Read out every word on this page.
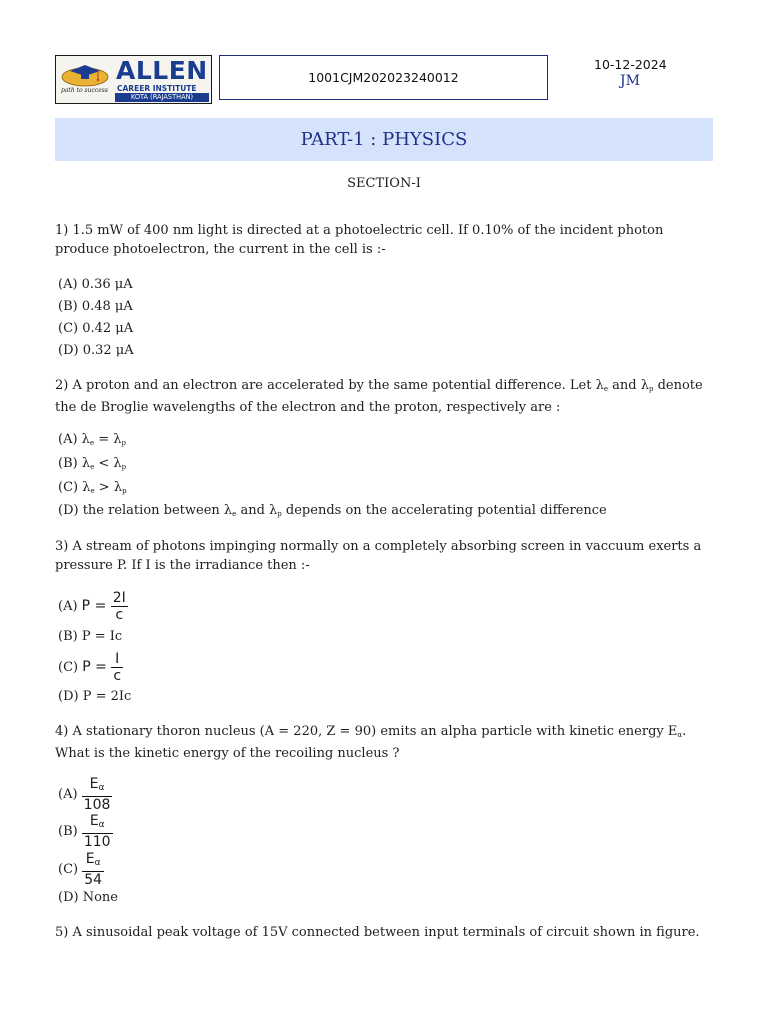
path to success
ALLEN
CAREER INSTITUTE
KOTA (RAJASTHAN)
1001CJM202023240012
10-12-2024
JM
PART-1 : PHYSICS
SECTION-I
1) 1.5 mW of 400 nm light is directed at a photoelectric cell. If 0.10% of the incident photon produce photoelectron, the current in the cell is :-
(A) 0.36 μA
(B) 0.48 μA
(C) 0.42 μA
(D) 0.32 μA
2) A proton and an electron are accelerated by the same potential difference. Let $\lambda_e$ and $\lambda_p$ denote the de Broglie wavelengths of the electron and the proton, respectively are :
(A) $\lambda_e = \lambda_p$
(B) $\lambda_e < \lambda_p$
(C) $\lambda_e > \lambda_p$
(D) the relation between $\lambda_e$ and $\lambda_p$ depends on the accelerating potential difference
3) A stream of photons impinging normally on a completely absorbing screen in vaccuum exerts a pressure P. If I is the irradiance then :-
(A) $P = \frac{2I}{c}$
(B) P = Ic
(C) $P = \frac{I}{c}$
(D) P = 2Ic
4) A stationary thoron nucleus (A = 220, Z = 90) emits an alpha particle with kinetic energy $E_\alpha$. What is the kinetic energy of the recoiling nucleus ?
$(A) \frac{E_\alpha}{108}$
$(B) \frac{E_\alpha}{110}$
$(C) \frac{E_\alpha}{54}$
(D) None
5) A sinusoidal peak voltage of 15V connected between input terminals of circuit shown in figure.
